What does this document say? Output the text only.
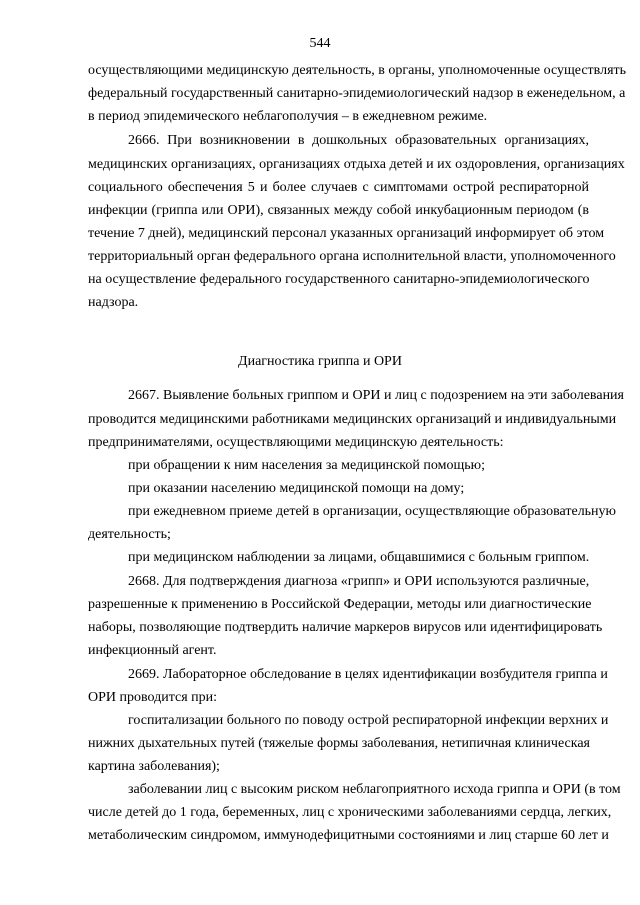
544
осуществляющими медицинскую деятельность, в органы, уполномоченные осуществлять
федеральный государственный санитарно-эпидемиологический надзор в еженедельном, а
в период эпидемического неблагополучия – в ежедневном режиме.
2666. При возникновении в дошкольных образовательных организациях,
медицинских организациях, организациях отдыха детей и их оздоровления, организациях
социального обеспечения 5 и более случаев с симптомами острой респираторной
инфекции (гриппа или ОРИ), связанных между собой инкубационным периодом (в
течение 7 дней), медицинский персонал указанных организаций информирует об этом
территориальный орган федерального органа исполнительной власти, уполномоченного
на осуществление федерального государственного санитарно-эпидемиологического
надзора.
Диагностика гриппа и ОРИ
2667. Выявление больных гриппом и ОРИ и лиц с подозрением на эти заболевания
проводится медицинскими работниками медицинских организаций и индивидуальными
предпринимателями, осуществляющими медицинскую деятельность:
при обращении к ним населения за медицинской помощью;
при оказании населению медицинской помощи на дому;
при ежедневном приеме детей в организации, осуществляющие образовательную
деятельность;
при медицинском наблюдении за лицами, общавшимися с больным гриппом.
2668. Для подтверждения диагноза «грипп» и ОРИ используются различные,
разрешенные к применению в Российской Федерации, методы или диагностические
наборы, позволяющие подтвердить наличие маркеров вирусов или идентифицировать
инфекционный агент.
2669. Лабораторное обследование в целях идентификации возбудителя гриппа и
ОРИ проводится при:
госпитализации больного по поводу острой респираторной инфекции верхних и
нижних дыхательных путей (тяжелые формы заболевания, нетипичная клиническая
картина заболевания);
заболевании лиц с высоким риском неблагоприятного исхода гриппа и ОРИ (в том
числе детей до 1 года, беременных, лиц с хроническими заболеваниями сердца, легких,
метаболическим синдромом, иммунодефицитными состояниями и лиц старше 60 лет и
